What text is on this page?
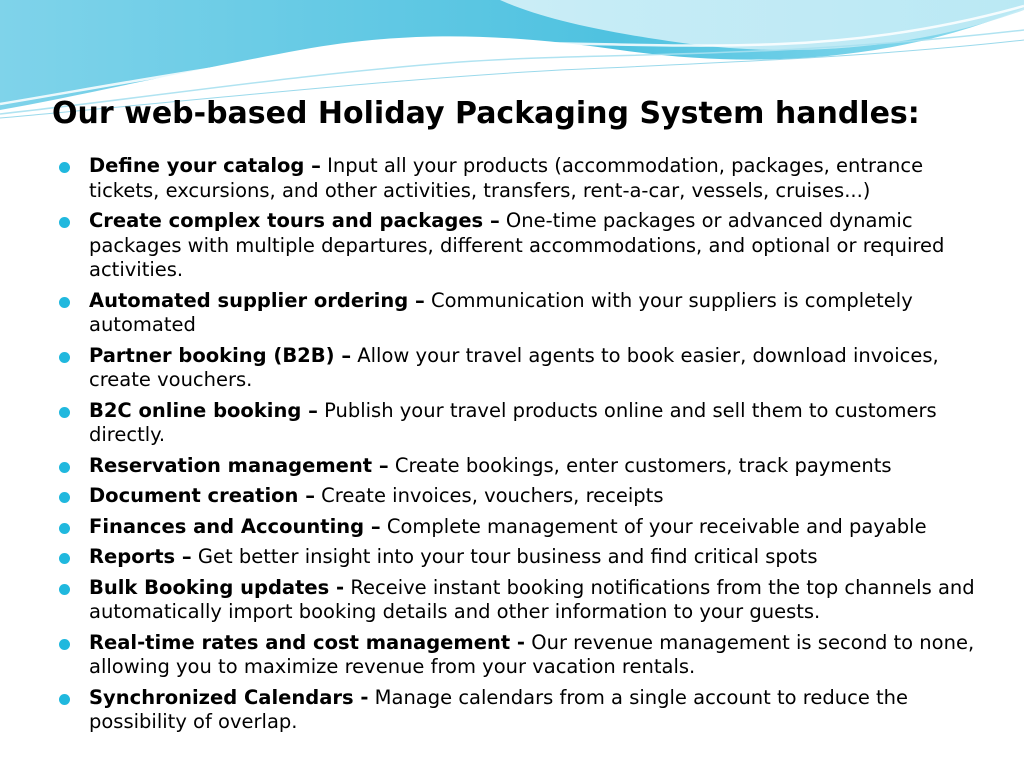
Our web-based Holiday Packaging System handles:
Define your catalog – Input all your products (accommodation, packages, entrance tickets, excursions, and other activities, transfers, rent-a-car, vessels, cruises...)
Create complex tours and packages – One-time packages or advanced dynamic packages with multiple departures, different accommodations, and optional or required activities.
Automated supplier ordering – Communication with your suppliers is completely automated
Partner booking (B2B) – Allow your travel agents to book easier, download invoices, create vouchers.
B2C online booking – Publish your travel products online and sell them to customers directly.
Reservation management – Create bookings, enter customers, track payments
Document creation – Create invoices, vouchers, receipts
Finances and Accounting – Complete management of your receivable and payable
Reports – Get better insight into your tour business and find critical spots
Bulk Booking updates - Receive instant booking notifications from the top channels and automatically import booking details and other information to your guests.
Real-time rates and cost management - Our revenue management is second to none, allowing you to maximize revenue from your vacation rentals.
Synchronized Calendars - Manage calendars from a single account to reduce the possibility of overlap.
